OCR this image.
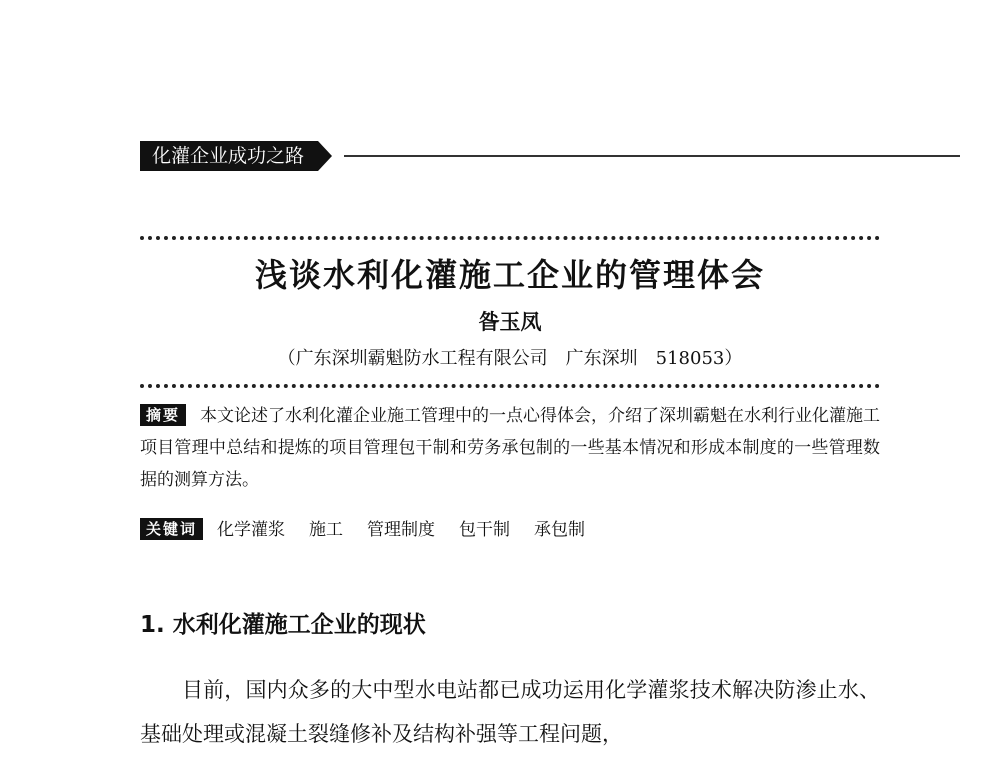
化灌企业成功之路
浅谈水利化灌施工企业的管理体会
昝玉凤
（广东深圳霸魁防水工程有限公司　广东深圳　518053）

摘要 本文论述了水利化灌企业施工管理中的一点心得体会，介绍了深圳霸魁在水利行业化灌施工项目管理中总结和提炼的项目管理包干制和劳务承包制的一些基本情况和形成本制度的一些管理数据的测算方法。

关键词 化学灌浆 施工 管理制度 包干制 承包制

1. 水利化灌施工企业的现状

目前，国内众多的大中型水电站都已成功运用化学灌浆技术解决防渗止水、基础处理或混凝土裂缝修补及结构补强等工程问题，
